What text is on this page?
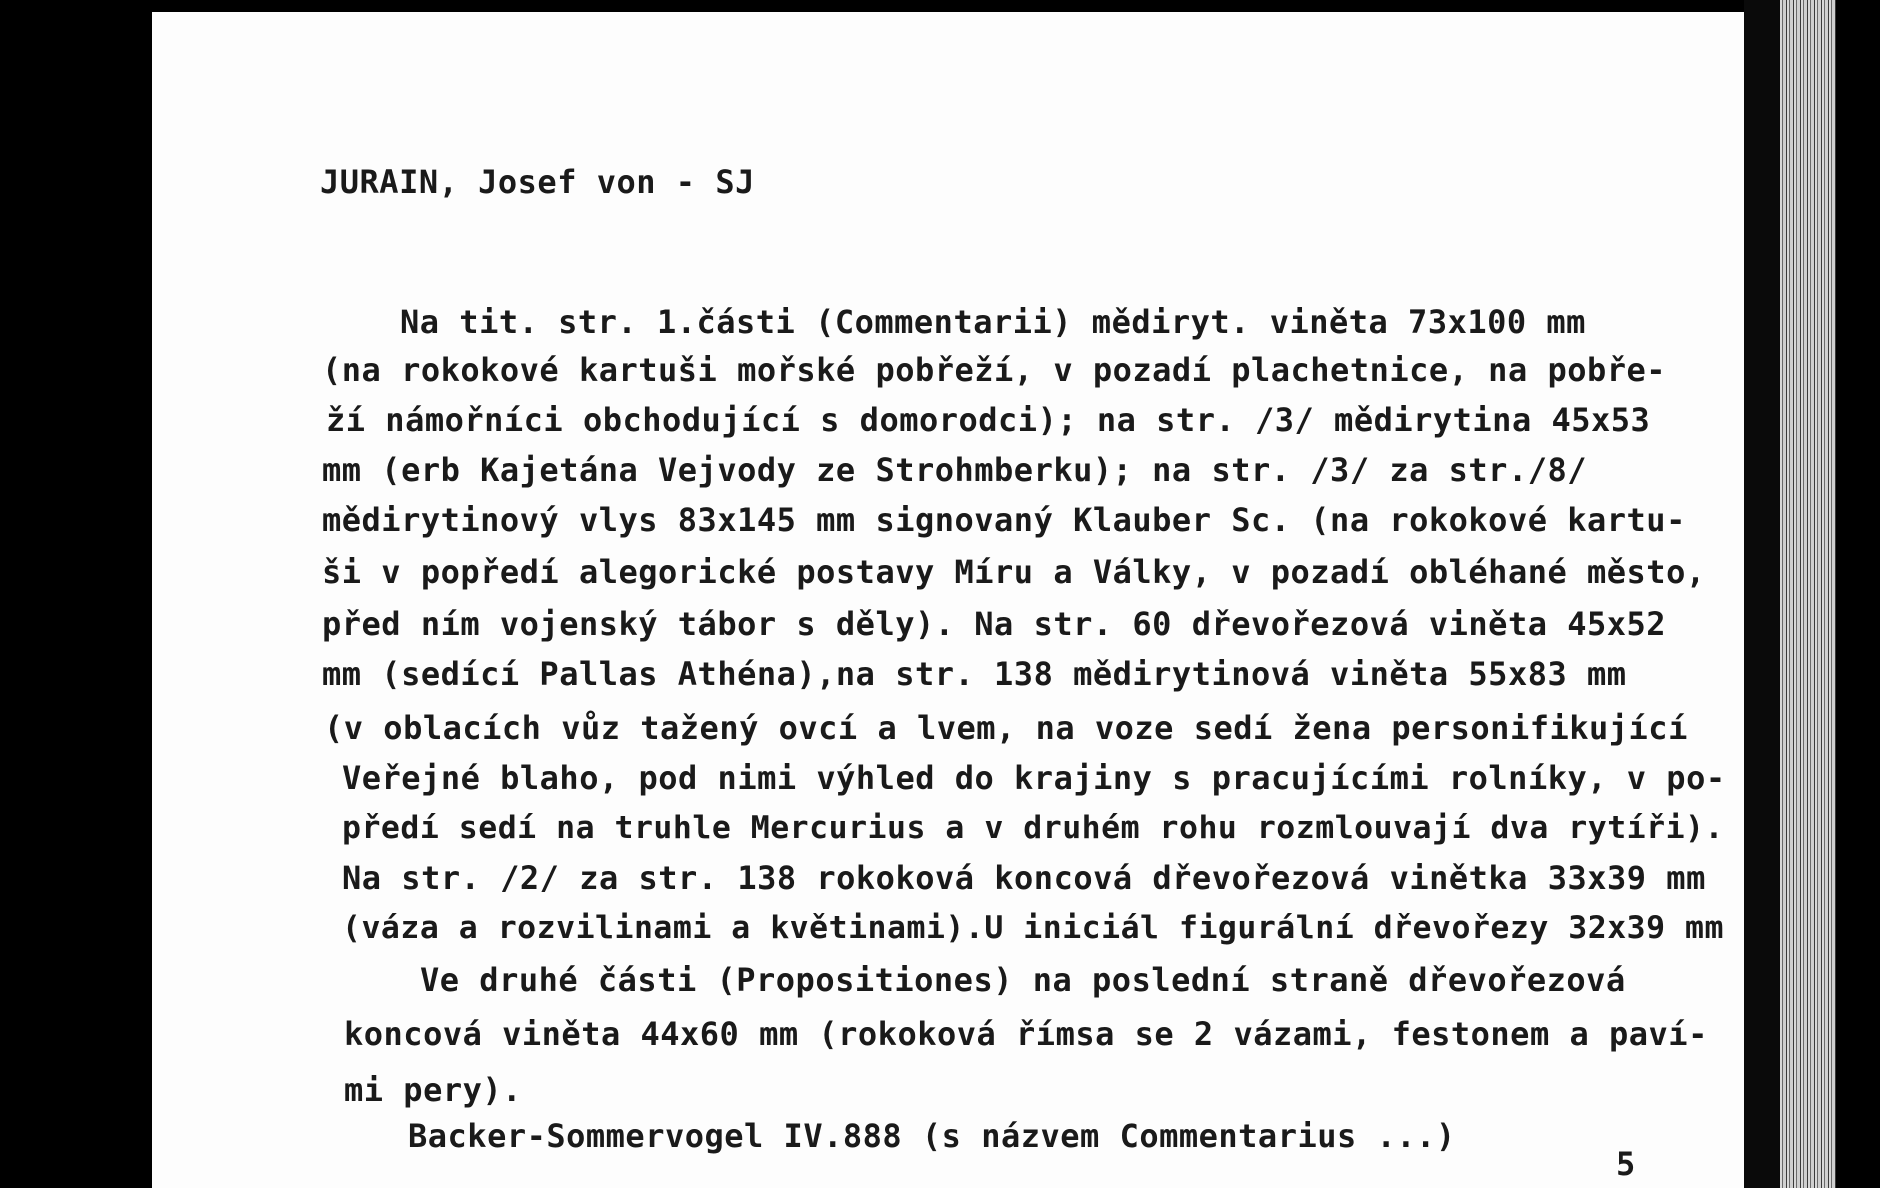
JURAIN, Josef von - SJ

Na tit. str. 1.části (Commentarii) mědiryt. viněta 73x100 mm

(na rokokové kartuši mořské pobřeží, v pozadí plachetnice, na pobře-

ží námořníci obchodující s domorodci); na str. /3/ mědirytina 45x53

mm (erb Kajetána Vejvody ze Strohmberku); na str. /3/ za str./8/

mědirytinový vlys 83x145 mm signovaný Klauber Sc. (na rokokové kartu-

ši v popředí alegorické postavy Míru a Války, v pozadí obléhané město,

před ním vojenský tábor s děly). Na str. 60 dřevořezová viněta 45x52

mm (sedící Pallas Athéna),na str. 138 mědirytinová viněta 55x83 mm

(v oblacích vůz tažený ovcí a lvem, na voze sedí žena personifikující

Veřejné blaho, pod nimi výhled do krajiny s pracujícími rolníky, v po-

předí sedí na truhle Mercurius a v druhém rohu rozmlouvají dva rytíři).

Na str. /2/ za str. 138 rokoková koncová dřevořezová vinětka 33x39 mm

(váza a rozvilinami a květinami).U iniciál figurální dřevořezy 32x39 mm

Ve druhé části (Propositiones) na poslední straně dřevořezová

koncová viněta 44x60 mm (rokoková římsa se 2 vázami, festonem a paví-

mi pery).

Backer-Sommervogel IV.888 (s názvem Commentarius ...)

5
